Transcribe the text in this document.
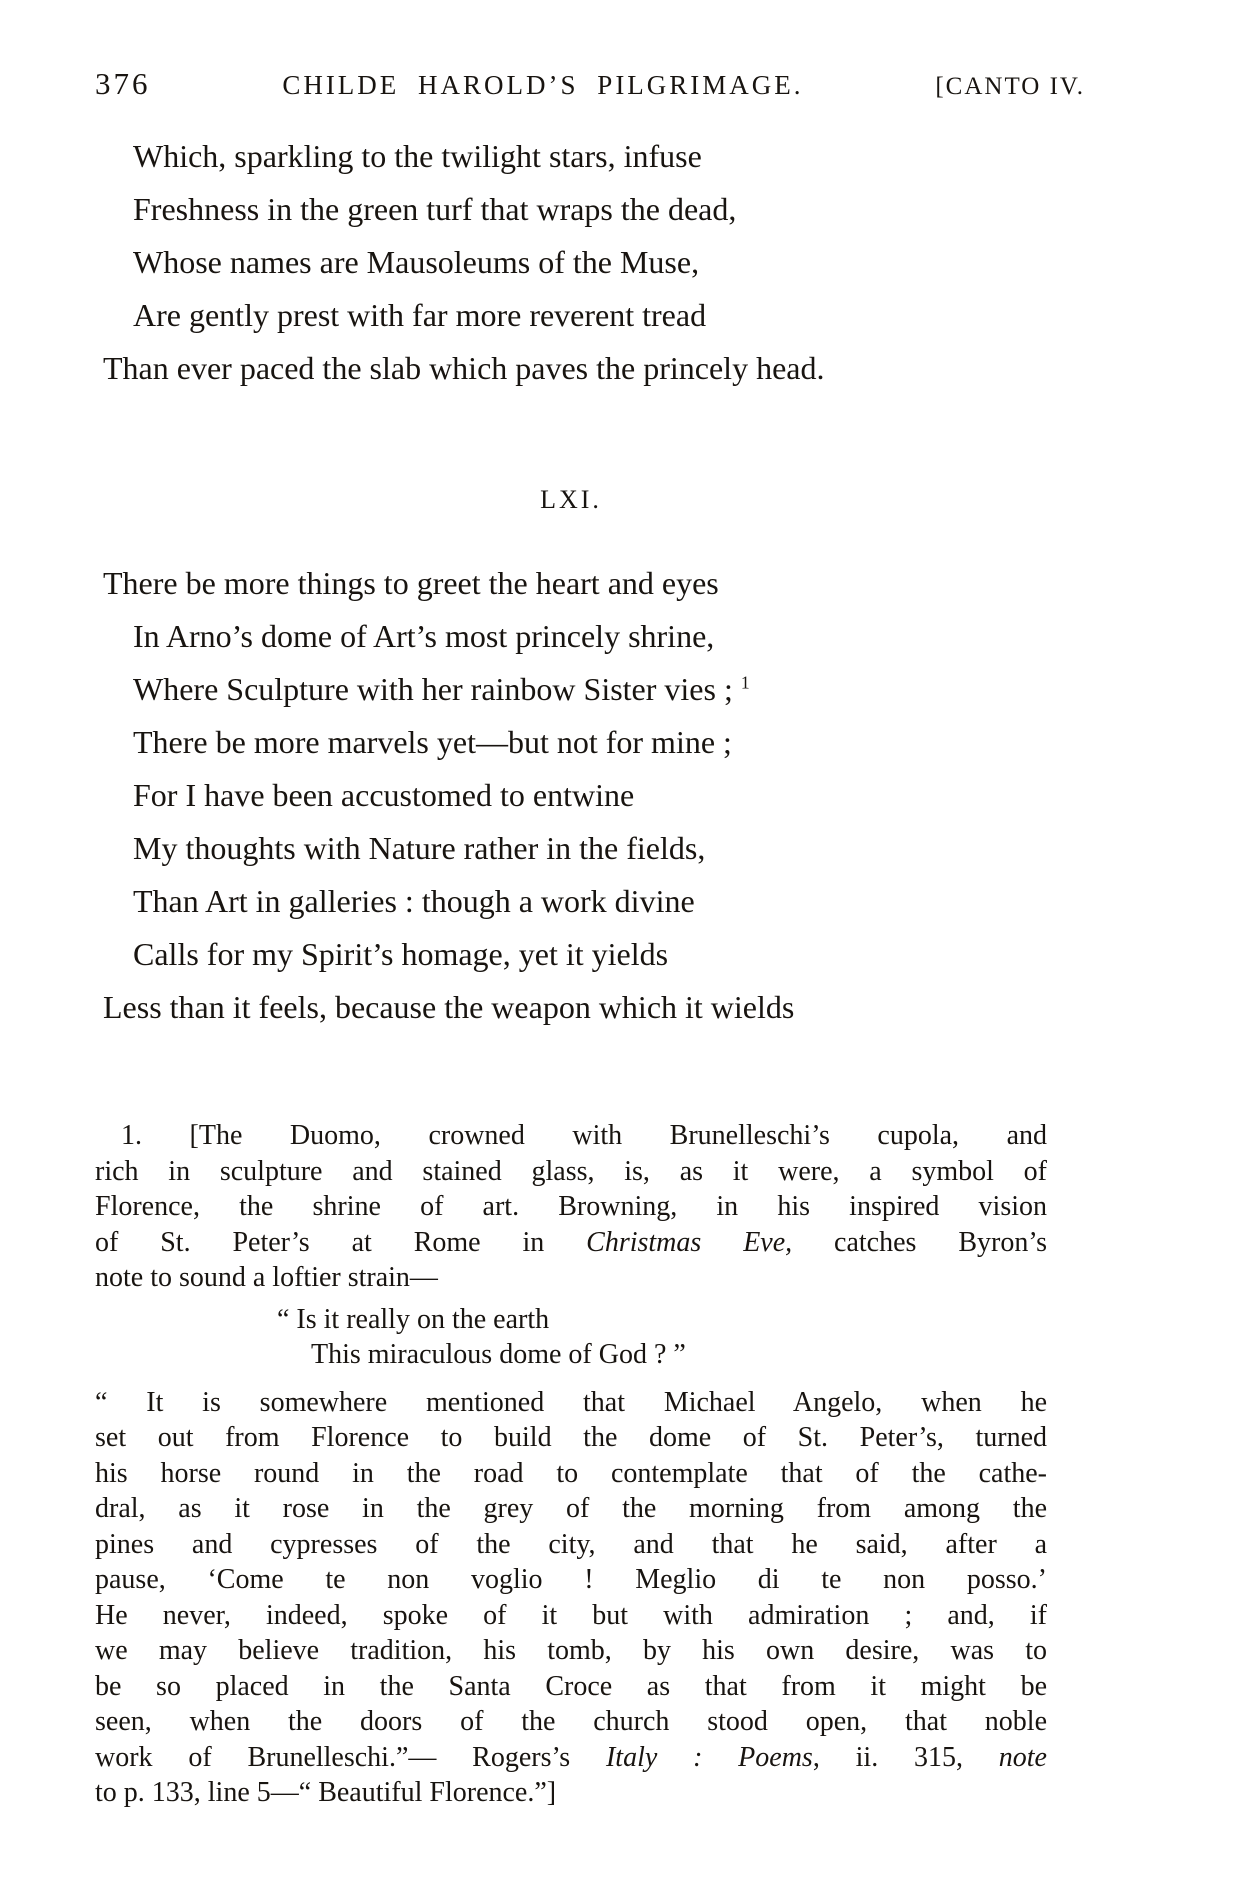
376	CHILDE HAROLD’S PILGRIMAGE.	[CANTO IV.
Which, sparkling to the twilight stars, infuse
Freshness in the green turf that wraps the dead,
Whose names are Mausoleums of the Muse,
Are gently prest with far more reverent tread
Than ever paced the slab which paves the princely head.
LXI.
There be more things to greet the heart and eyes
In Arno’s dome of Art’s most princely shrine,
Where Sculpture with her rainbow Sister vies ; $^1$
There be more marvels yet—but not for mine ;
For I have been accustomed to entwine
My thoughts with Nature rather in the fields,
Than Art in galleries : though a work divine
Calls for my Spirit’s homage, yet it yields
Less than it feels, because the weapon which it wields
1. [The Duomo, crowned with Brunelleschi’s cupola, and
rich in sculpture and stained glass, is, as it were, a symbol of
Florence, the shrine of art. Browning, in his inspired vision
of St. Peter’s at Rome in Christmas Eve, catches Byron’s
note to sound a loftier strain—
“ Is it really on the earth
This miraculous dome of God ? ”
“ It is somewhere mentioned that Michael Angelo, when he
set out from Florence to build the dome of St. Peter’s, turned
his horse round in the road to contemplate that of the cathe-
dral, as it rose in the grey of the morning from among the
pines and cypresses of the city, and that he said, after a
pause, ‘Come te non voglio ! Meglio di te non posso.’
He never, indeed, spoke of it but with admiration ; and, if
we may believe tradition, his tomb, by his own desire, was to
be so placed in the Santa Croce as that from it might be
seen, when the doors of the church stood open, that noble
work of Brunelleschi.”— Rogers’s Italy : Poems, ii. 315, note
to p. 133, line 5—“ Beautiful Florence.”]
